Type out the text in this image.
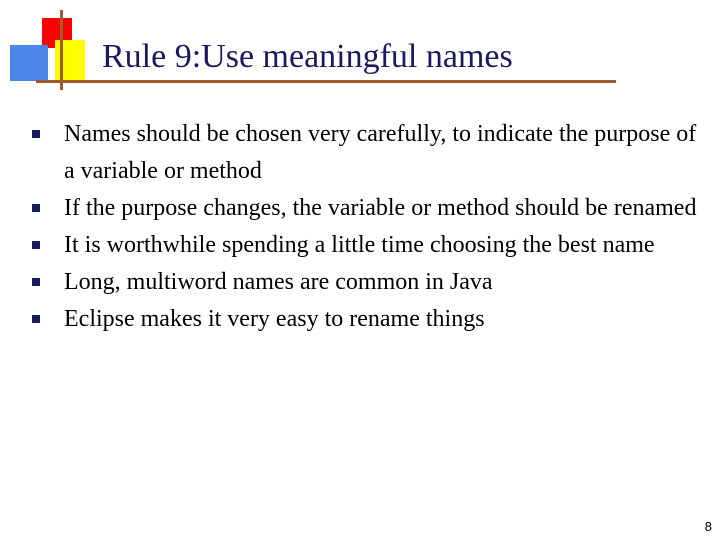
Rule 9:Use meaningful names
Names should be chosen very carefully, to indicate the purpose of a variable or method
If the purpose changes, the variable or method should be renamed
It is worthwhile spending a little time choosing the best name
Long, multiword names are common in Java
Eclipse makes it very easy to rename things
8
